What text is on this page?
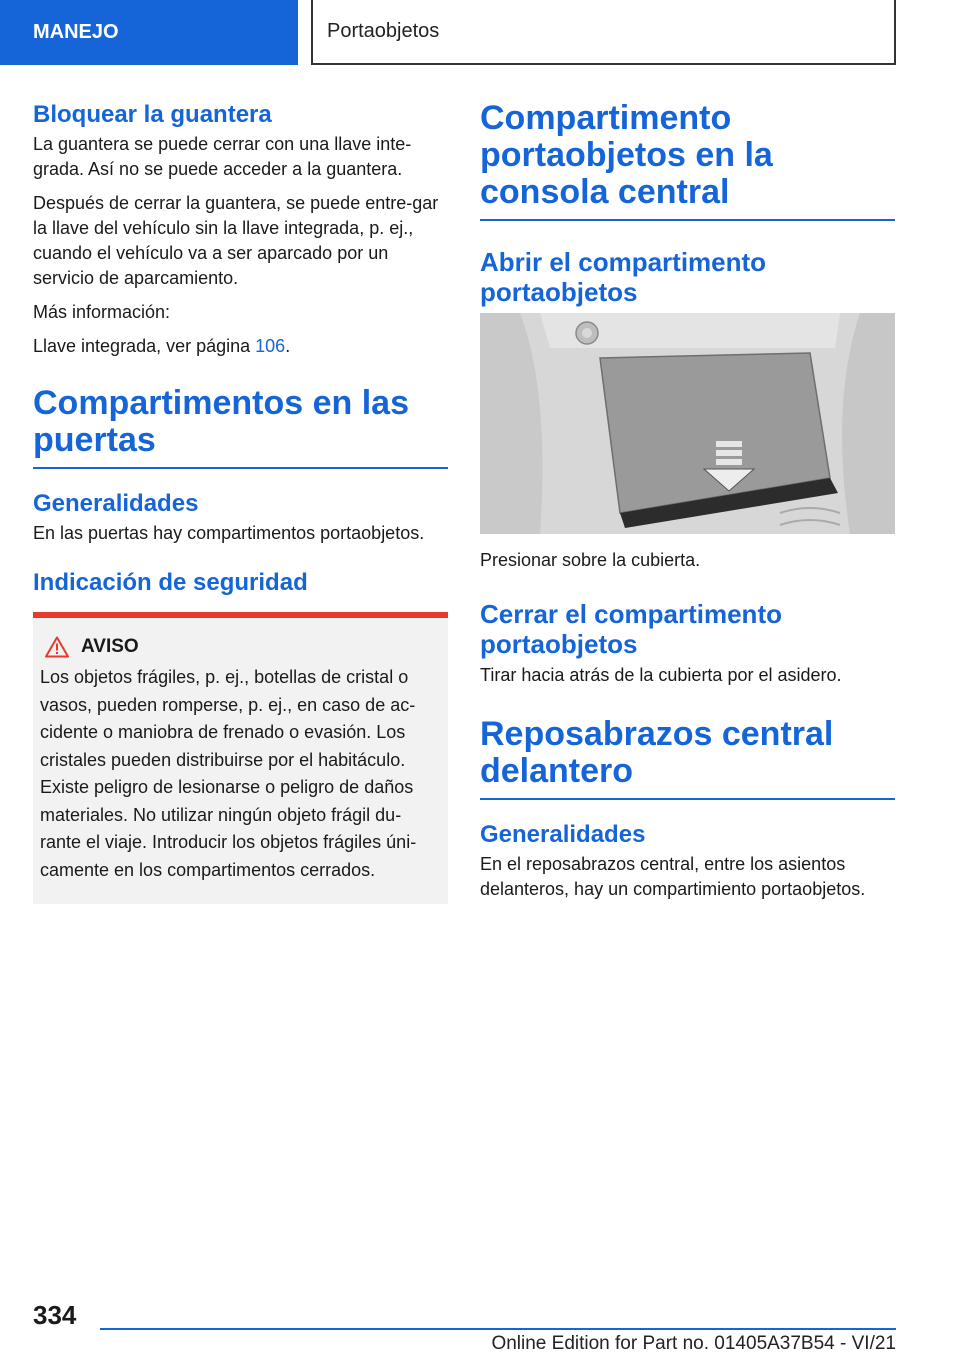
MANEJO	Portaobjetos
Bloquear la guantera

La guantera se puede cerrar con una llave inte-grada. Así no se puede acceder a la guantera.

Después de cerrar la guantera, se puede entre-gar la llave del vehículo sin la llave integrada, p. ej., cuando el vehículo va a ser aparcado por un servicio de aparcamiento.

Más información:

Llave integrada, ver página 106.

Compartimentos en las puertas
Generalidades

En las puertas hay compartimentos portaobjetos.

Indicación de seguridad
AVISO

Los objetos frágiles, p. ej., botellas de cristal o vasos, pueden romperse, p. ej., en caso de ac-cidente o maniobra de frenado o evasión. Los cristales pueden distribuirse por el habitáculo. Existe peligro de lesionarse o peligro de daños materiales. No utilizar ningún objeto frágil du-rante el viaje. Introducir los objetos frágiles úni-camente en los compartimentos cerrados.

Compartimento portaobjetos en la consola central
Abrir el compartimento portaobjetos

Presionar sobre la cubierta.

Cerrar el compartimento portaobjetos

Tirar hacia atrás de la cubierta por el asidero.

Reposabrazos central delantero
Generalidades

En el reposabrazos central, entre los asientos delanteros, hay un compartimiento portaobjetos.

334
Online Edition for Part no. 01405A37B54 - VI/21
